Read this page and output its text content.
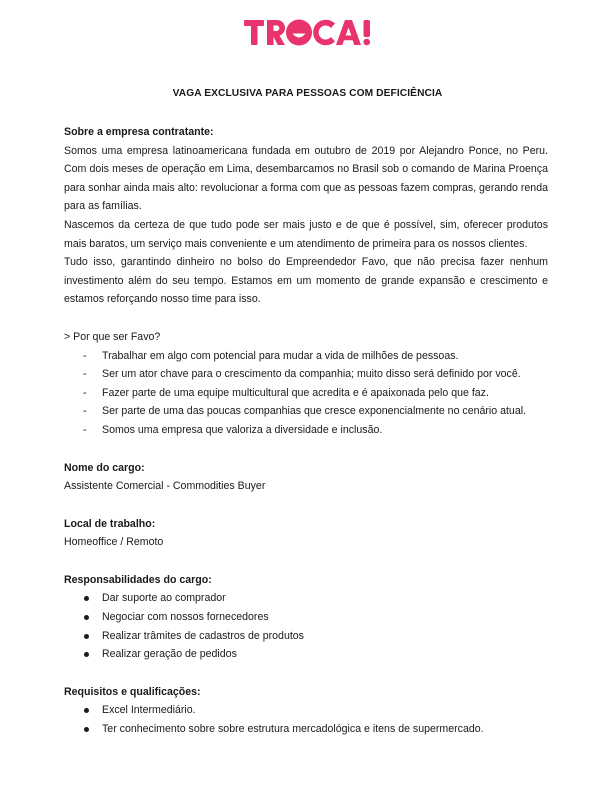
VAGA EXCLUSIVA PARA PESSOAS COM DEFICIÊNCIA

Sobre a empresa contratante:

Somos uma empresa latinoamericana fundada em outubro de 2019 por Alejandro Ponce, no Peru. Com dois meses de operação em Lima, desembarcamos no Brasil sob o comando de Marina Proença para sonhar ainda mais alto: revolucionar a forma com que as pessoas fazem compras, gerando renda para as famílias.

Nascemos da certeza de que tudo pode ser mais justo e de que é possível, sim, oferecer produtos mais baratos, um serviço mais conveniente e um atendimento de primeira para os nossos clientes.

Tudo isso, garantindo dinheiro no bolso do Empreendedor Favo, que não precisa fazer nenhum investimento além do seu tempo. Estamos em um momento de grande expansão e crescimento e estamos reforçando nosso time para isso.

> Por que ser Favo?

- Trabalhar em algo com potencial para mudar a vida de milhões de pessoas.
- Ser um ator chave para o crescimento da companhia; muito disso será definido por você.
- Fazer parte de uma equipe multicultural que acredita e é apaixonada pelo que faz.
- Ser parte de uma das poucas companhias que cresce exponencialmente no cenário atual.
- Somos uma empresa que valoriza a diversidade e inclusão.

Nome do cargo:

Assistente Comercial - Commodities Buyer

Local de trabalho:

Homeoffice / Remoto

Responsabilidades do cargo:

Dar suporte ao comprador
Negociar com nossos fornecedores
Realizar trâmites de cadastros de produtos
Realizar geração de pedidos

Requisitos e qualificações:

Excel Intermediário.
Ter conhecimento sobre sobre estrutura mercadológica e itens de supermercado.
